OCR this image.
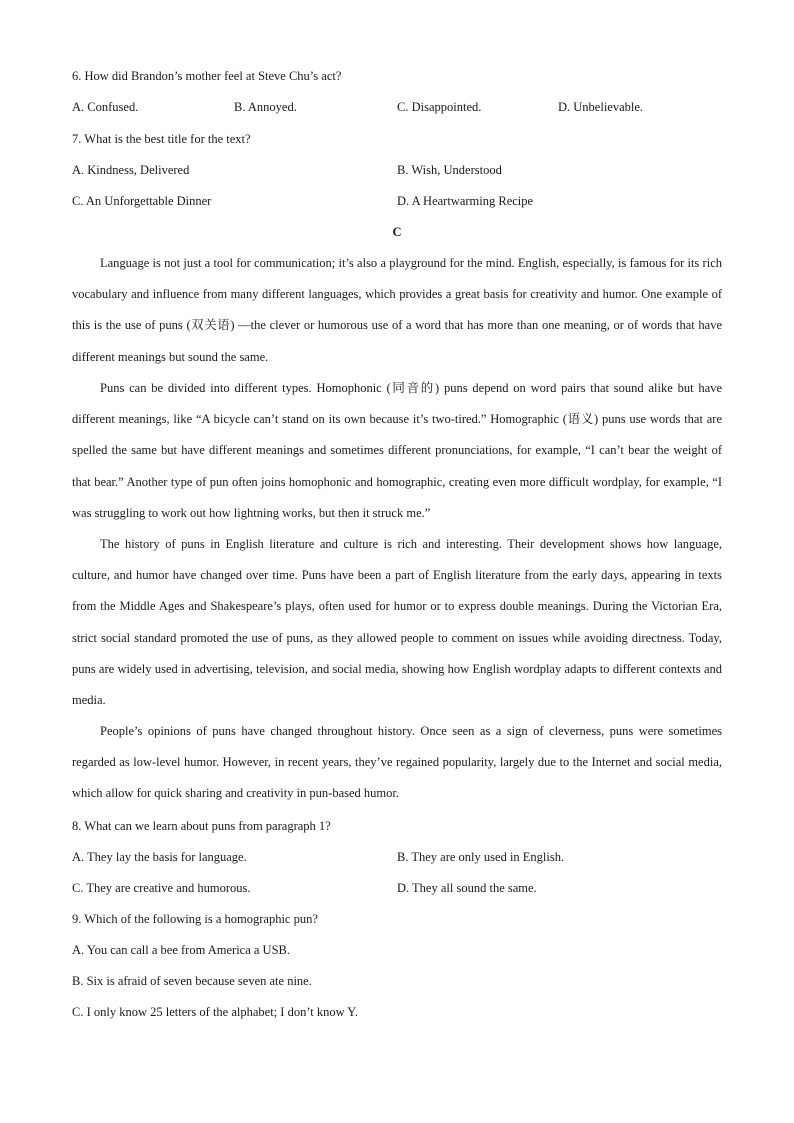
6. How did Brandon’s mother feel at Steve Chu’s act?
A. Confused.	B. Annoyed.	C. Disappointed.	D. Unbelievable.
7. What is the best title for the text?
A. Kindness, Delivered	B. Wish, Understood
C. An Unforgettable Dinner	D. A Heartwarming Recipe
C

Language is not just a tool for communication; it’s also a playground for the mind. English, especially, is famous for its rich vocabulary and influence from many different languages, which provides a great basis for creativity and humor. One example of this is the use of puns (双关语) —the clever or humorous use of a word that has more than one meaning, or of words that have different meanings but sound the same.

Puns can be divided into different types. Homophonic (同音的) puns depend on word pairs that sound alike but have different meanings, like “A bicycle can’t stand on its own because it’s two-tired.” Homographic (语义) puns use words that are spelled the same but have different meanings and sometimes different pronunciations, for example, “I can’t bear the weight of that bear.” Another type of pun often joins homophonic and homographic, creating even more difficult wordplay, for example, “I was struggling to work out how lightning works, but then it struck me.”

The history of puns in English literature and culture is rich and interesting. Their development shows how language, culture, and humor have changed over time. Puns have been a part of English literature from the early days, appearing in texts from the Middle Ages and Shakespeare’s plays, often used for humor or to express double meanings. During the Victorian Era, strict social standard promoted the use of puns, as they allowed people to comment on issues while avoiding directness. Today, puns are widely used in advertising, television, and social media, showing how English wordplay adapts to different contexts and media.

People’s opinions of puns have changed throughout history. Once seen as a sign of cleverness, puns were sometimes regarded as low-level humor. However, in recent years, they’ve regained popularity, largely due to the Internet and social media, which allow for quick sharing and creativity in pun-based humor.

8. What can we learn about puns from paragraph 1?
A. They lay the basis for language.	B. They are only used in English.
C. They are creative and humorous.	D. They all sound the same.
9. Which of the following is a homographic pun?
A. You can call a bee from America a USB.
B. Six is afraid of seven because seven ate nine.
C. I only know 25 letters of the alphabet; I don’t know Y.
